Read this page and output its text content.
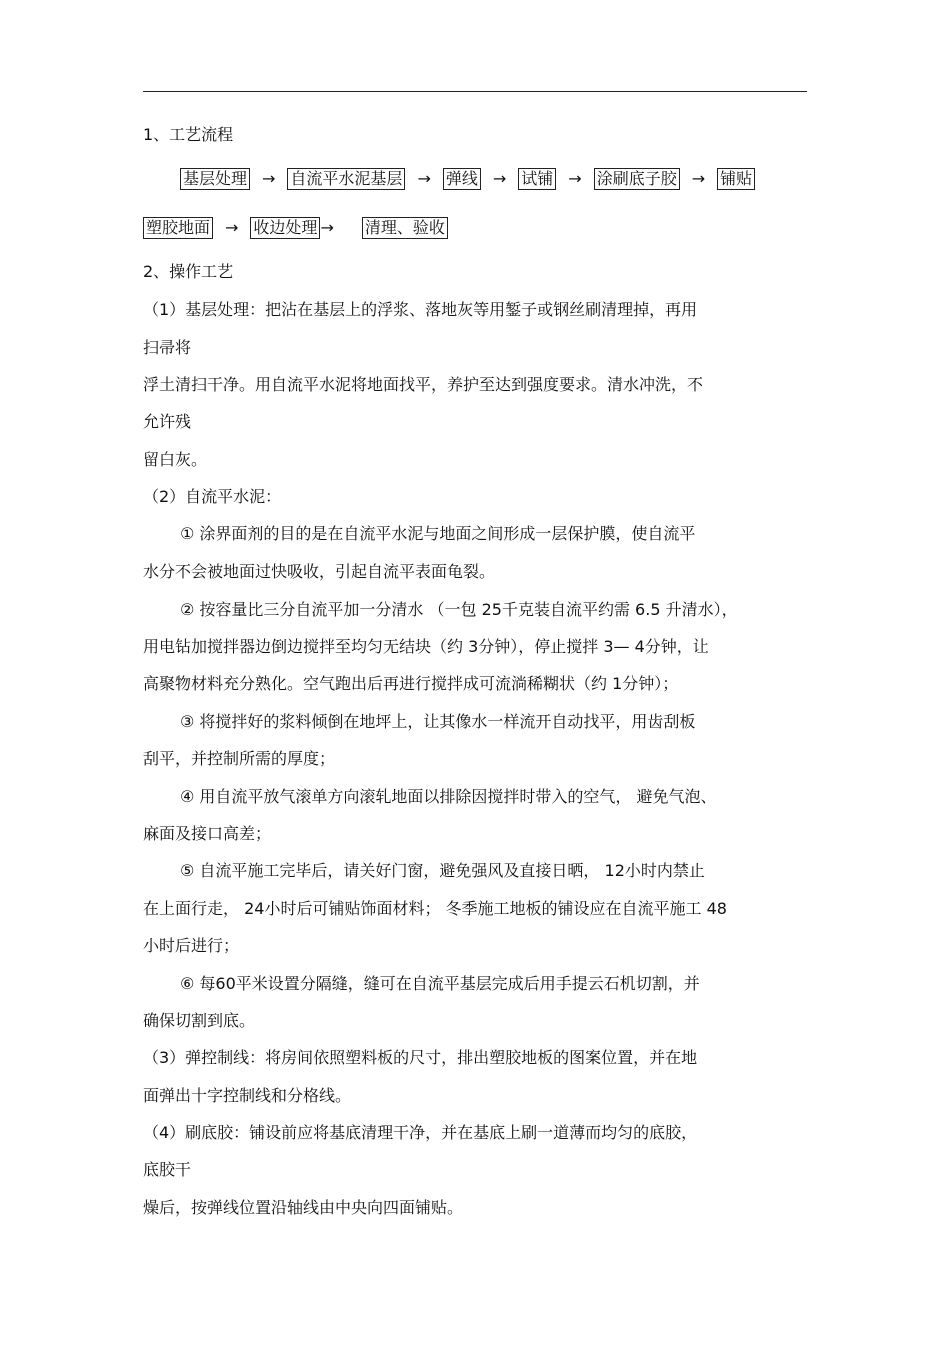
1、工艺流程
基层处理 → 自流平水泥基层 → 弹线 → 试铺 → 涂刷底子胶 → 铺贴
塑胶地面 → 收边处理 → 清理、验收
2、操作工艺
（1）基层处理：把沾在基层上的浮浆、落地灰等用錾子或钢丝刷清理掉，再用
扫帚将
浮土清扫干净。用自流平水泥将地面找平，养护至达到强度要求。清水冲洗，不
允许残
留白灰。
（2）自流平水泥：
① 涂界面剂的目的是在自流平水泥与地面之间形成一层保护膜，使自流平
水分不会被地面过快吸收，引起自流平表面龟裂。
② 按容量比三分自流平加一分清水 （一包 25千克装自流平约需 6.5 升清水），
用电钻加搅拌器边倒边搅拌至均匀无结块（约 3分钟），停止搅拌 3— 4分钟，让
高聚物材料充分熟化。空气跑出后再进行搅拌成可流淌稀糊状（约 1分钟）；
③ 将搅拌好的浆料倾倒在地坪上，让其像水一样流开自动找平，用齿刮板
刮平，并控制所需的厚度；
④ 用自流平放气滚单方向滚轧地面以排除因搅拌时带入的空气， 避免气泡、
麻面及接口高差；
⑤ 自流平施工完毕后，请关好门窗，避免强风及直接日晒， 12小时内禁止
在上面行走， 24小时后可铺贴饰面材料； 冬季施工地板的铺设应在自流平施工 48
小时后进行；
⑥ 每60平米设置分隔缝，缝可在自流平基层完成后用手提云石机切割，并
确保切割到底。
（3）弹控制线：将房间依照塑料板的尺寸，排出塑胶地板的图案位置，并在地
面弹出十字控制线和分格线。
（4）刷底胶：铺设前应将基底清理干净，并在基底上刷一道薄而均匀的底胶，
底胶干
燥后，按弹线位置沿轴线由中央向四面铺贴。
